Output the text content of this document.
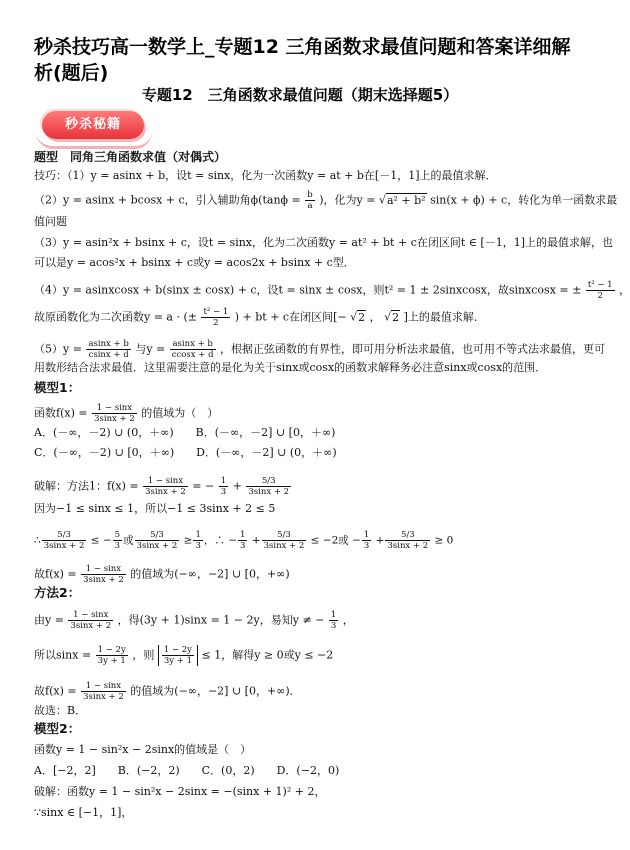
秒杀技巧高一数学上_专题12 三角函数求最值问题和答案详细解析(题后)
专题12　三角函数求最值问题（期末选择题5）
秒杀秘籍
题型　同角三角函数求值（对偶式）
技巧：（1）y = asinx + b，设t = sinx，化为一次函数y = at + b在[－1，1]上的最值求解．
（2）y = asinx + bcosx + c，引入辅助角$\phi(\tan\phi = \frac{b}{a}$ )，化为y = √a² + b² sin(x + ϕ) + c，转化为单一函数求最
值问题
（3）y = asin²x + bsinx + c，设t = sinx，化为二次函数y = at² + bt + c在闭区间t ∈ [－1，1]上的最值求解，也
可以是y = acos²x + bsinx + c或y = acos2x + bsinx + c型．
（4）y = asinxcosx + b(sinx ± cosx) + c，设t = sinx ± cosx，则t² = 1 ± 2sinxcosx，故sinxcosx = ± $\frac{\text{t² − 1}}{2}$ ，
故原函数化为二次函数y = a · (± $\frac{\text{t² − 1}}{2}$ ) + bt + c在闭区间[− √2 ， √2 ]上的最值求解．
$(5)y = \frac{asinx + b}{csinx + d}$ 与$y = \frac{asinx + b}{ccosx + d}$ ，根据正弦函数的有界性，即可用分析法求最值，也可用不等式法求最值，更可
用数形结合法求最值．这里需要注意的是化为关于sinx或cosx的函数求解释务必注意sinx或cosx的范围．
模型1：
函数$f(x) = \frac{1 - \sin x}{3\sin x + 2}$ 的值域为（　）
A．(－∞，－2) ∪ (0，＋∞)　　B．(－∞，－2] ∪ [0，＋∞)
C．(－∞，－2) ∪ [0，＋∞)　　D．(－∞，－2] ∪ (0，＋∞)
破解：方法1：$f(x) = \frac{1 - \sin x}{3\sin x + 2}$ = − $\frac{1}{3} + \frac{5/3}{3\sin x + 2}$
因为−1 ≤ sinx ≤ 1，所以−1 ≤ 3sinx + 2 ≤ 5
∴ $\frac{5/3}{3\sin x + 2}$ ≤ − $\frac{5}{3}$ 或 $\frac{5/3}{3\sin x + 2} \ge \frac{1}{3}$ ，∴ − $\frac{1}{3} + \frac{5/3}{3\sin x + 2} \le -2$或 − $\frac{1}{3} + \frac{5/3}{3\sin x + 2} \ge 0$
故$f(x) = \frac{1 - \sin x}{3\sin x + 2}$ 的值域为(−∞，−2] ∪ [0，+∞)
方法2：
由$y = \frac{1 - \sin x}{3\sin x + 2}$ ，得(3y + 1)sinx = 1 − 2y，易知y ≠ − $\frac{1}{3}$ ，
所以$\sin x = \frac{1 - 2y}{3y + 1}$ ，则 $\frac{1 - 2y}{3y + 1} \le 1$，解得y ≥ 0或y ≤ −2
故$f(x) = \frac{1 - \sin x}{3\sin x + 2}$ 的值域为(−∞，−2] ∪ [0，+∞)．
故选：B．
模型2：
函数y = 1 − sin²x − 2sinx的值域是（　）
A．[−2，2]　　B．(−2，2)　　C．(0，2)　　D．(−2，0)
破解：函数y = 1 − sin²x − 2sinx = −(sinx + 1)² + 2，
∵sinx ∈ [−1，1]，
